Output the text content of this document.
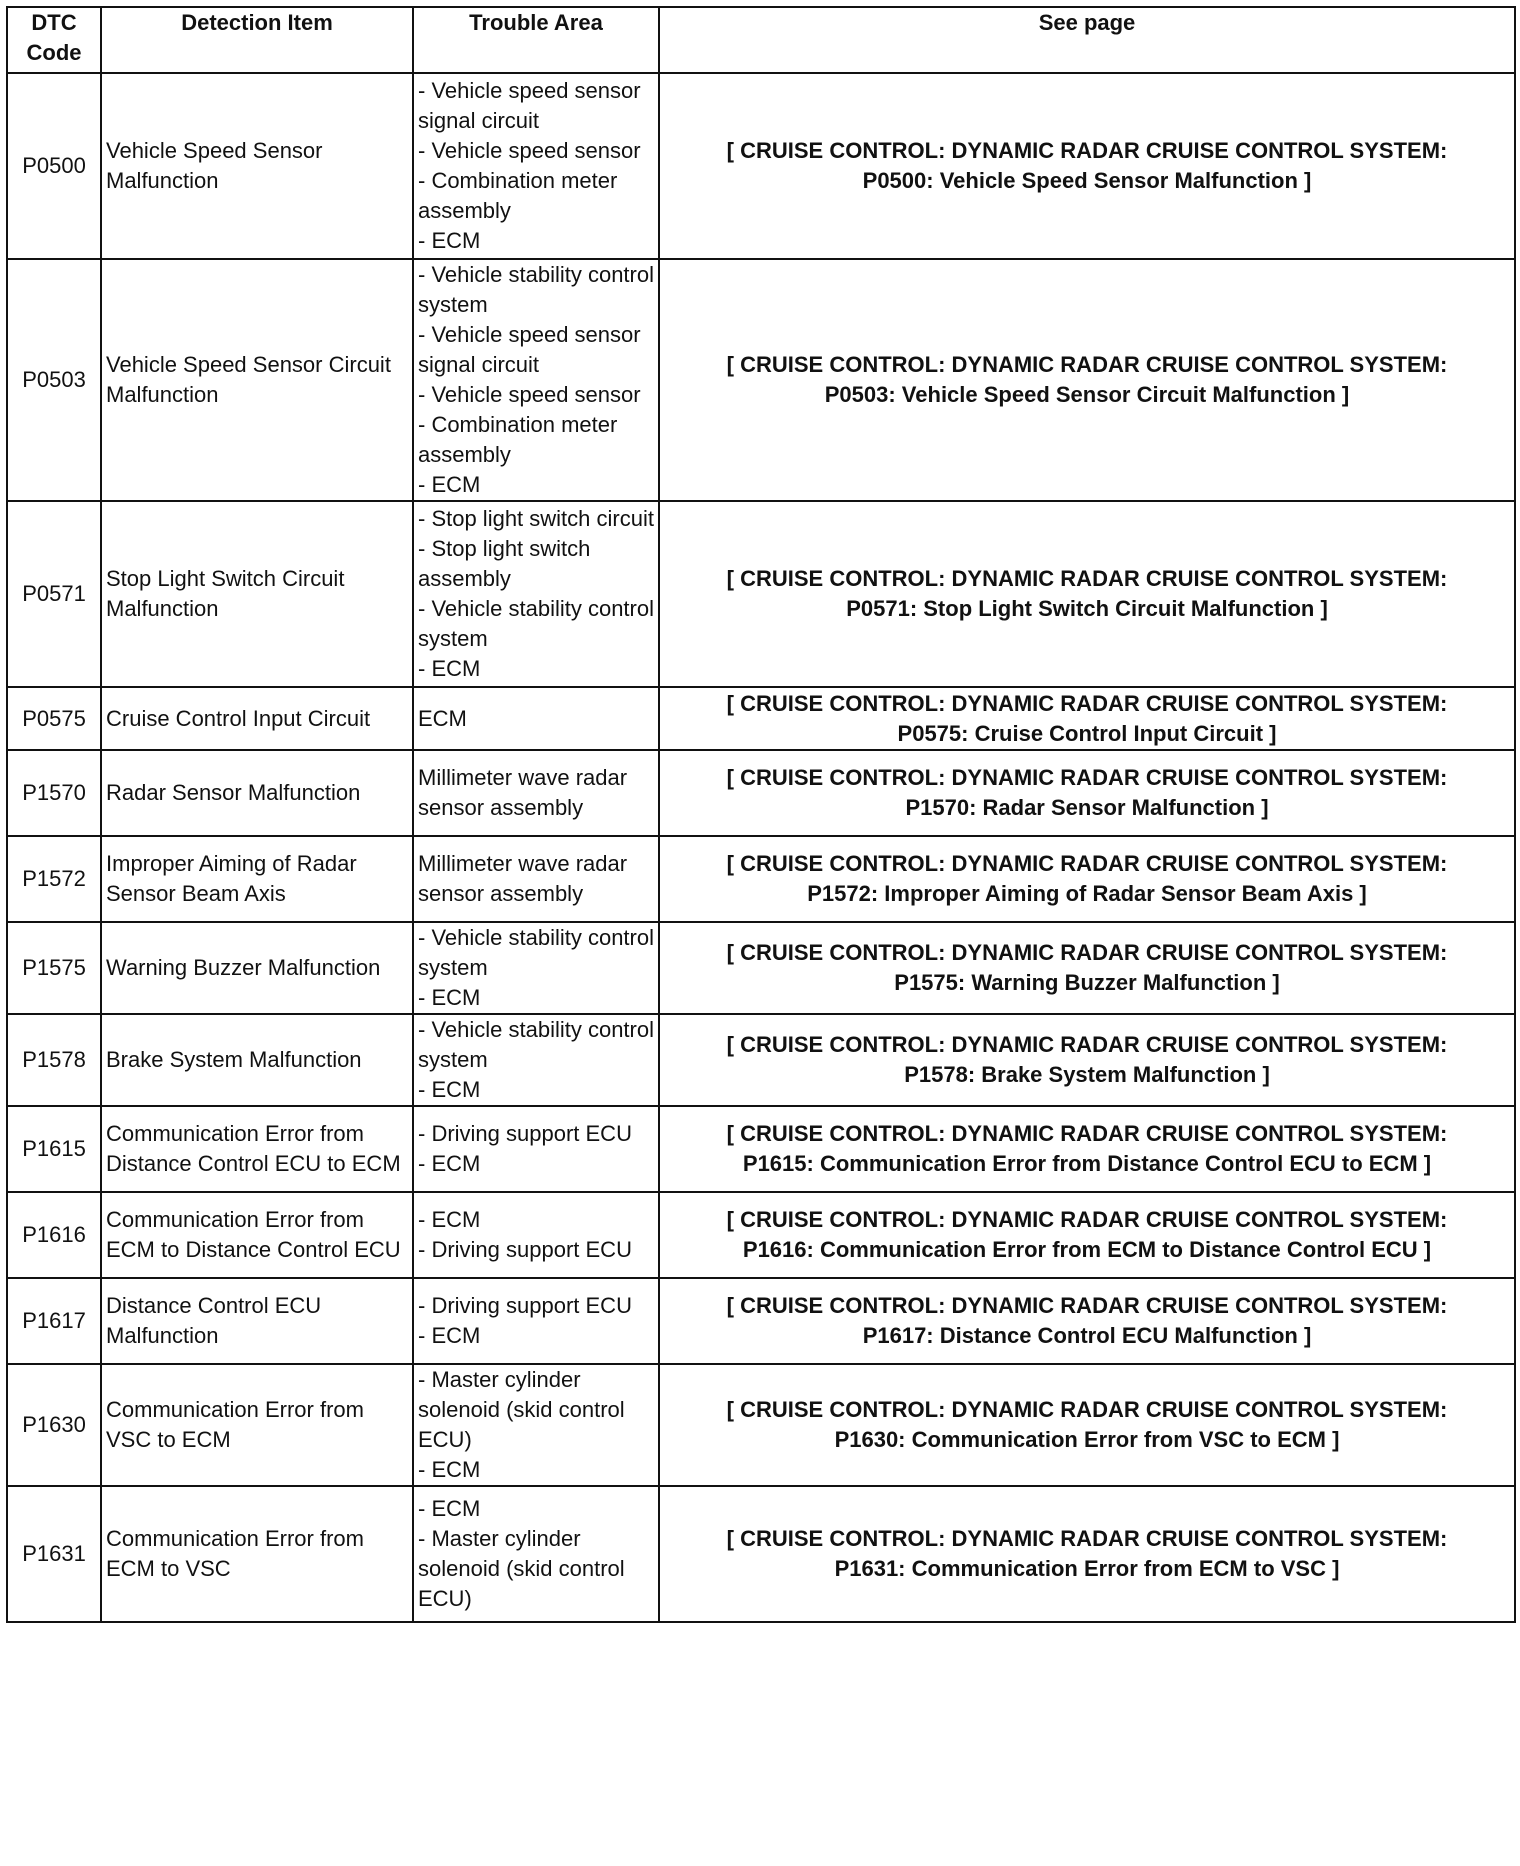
DTC Code	Detection Item	Trouble Area	See page
P0500	Vehicle Speed Sensor Malfunction	- Vehicle speed sensor signal circuit
- Vehicle speed sensor
- Combination meter assembly
- ECM	[ CRUISE CONTROL: DYNAMIC RADAR CRUISE CONTROL SYSTEM:
P0500: Vehicle Speed Sensor Malfunction ]

P0503	Vehicle Speed Sensor Circuit Malfunction	- Vehicle stability control system
- Vehicle speed sensor signal circuit
- Vehicle speed sensor
- Combination meter assembly
- ECM	[ CRUISE CONTROL: DYNAMIC RADAR CRUISE CONTROL SYSTEM:
P0503: Vehicle Speed Sensor Circuit Malfunction ]

P0571	Stop Light Switch Circuit Malfunction	- Stop light switch circuit
- Stop light switch assembly
- Vehicle stability control system
- ECM	[ CRUISE CONTROL: DYNAMIC RADAR CRUISE CONTROL SYSTEM:
P0571: Stop Light Switch Circuit Malfunction ]

P0575	Cruise Control Input Circuit	ECM	[ CRUISE CONTROL: DYNAMIC RADAR CRUISE CONTROL SYSTEM:
P0575: Cruise Control Input Circuit ]

P1570	Radar Sensor Malfunction	Millimeter wave radar sensor assembly	[ CRUISE CONTROL: DYNAMIC RADAR CRUISE CONTROL SYSTEM:
P1570: Radar Sensor Malfunction ]

P1572	Improper Aiming of Radar Sensor Beam Axis	Millimeter wave radar sensor assembly	[ CRUISE CONTROL: DYNAMIC RADAR CRUISE CONTROL SYSTEM:
P1572: Improper Aiming of Radar Sensor Beam Axis ]

P1575	Warning Buzzer Malfunction	- Vehicle stability control system
- ECM	[ CRUISE CONTROL: DYNAMIC RADAR CRUISE CONTROL SYSTEM:
P1575: Warning Buzzer Malfunction ]

P1578	Brake System Malfunction	- Vehicle stability control system
- ECM	[ CRUISE CONTROL: DYNAMIC RADAR CRUISE CONTROL SYSTEM:
P1578: Brake System Malfunction ]

P1615	Communication Error from Distance Control ECU to ECM	- Driving support ECU
- ECM	[ CRUISE CONTROL: DYNAMIC RADAR CRUISE CONTROL SYSTEM:
P1615: Communication Error from Distance Control ECU to ECM ]

P1616	Communication Error from ECM to Distance Control ECU	- ECM
- Driving support ECU	[ CRUISE CONTROL: DYNAMIC RADAR CRUISE CONTROL SYSTEM:
P1616: Communication Error from ECM to Distance Control ECU ]

P1617	Distance Control ECU Malfunction	- Driving support ECU
- ECM	[ CRUISE CONTROL: DYNAMIC RADAR CRUISE CONTROL SYSTEM:
P1617: Distance Control ECU Malfunction ]

P1630	Communication Error from VSC to ECM	- Master cylinder solenoid (skid control ECU)
- ECM	[ CRUISE CONTROL: DYNAMIC RADAR CRUISE CONTROL SYSTEM:
P1630: Communication Error from VSC to ECM ]

P1631	Communication Error from ECM to VSC	- ECM
- Master cylinder solenoid (skid control ECU)	[ CRUISE CONTROL: DYNAMIC RADAR CRUISE CONTROL SYSTEM:
P1631: Communication Error from ECM to VSC ]
